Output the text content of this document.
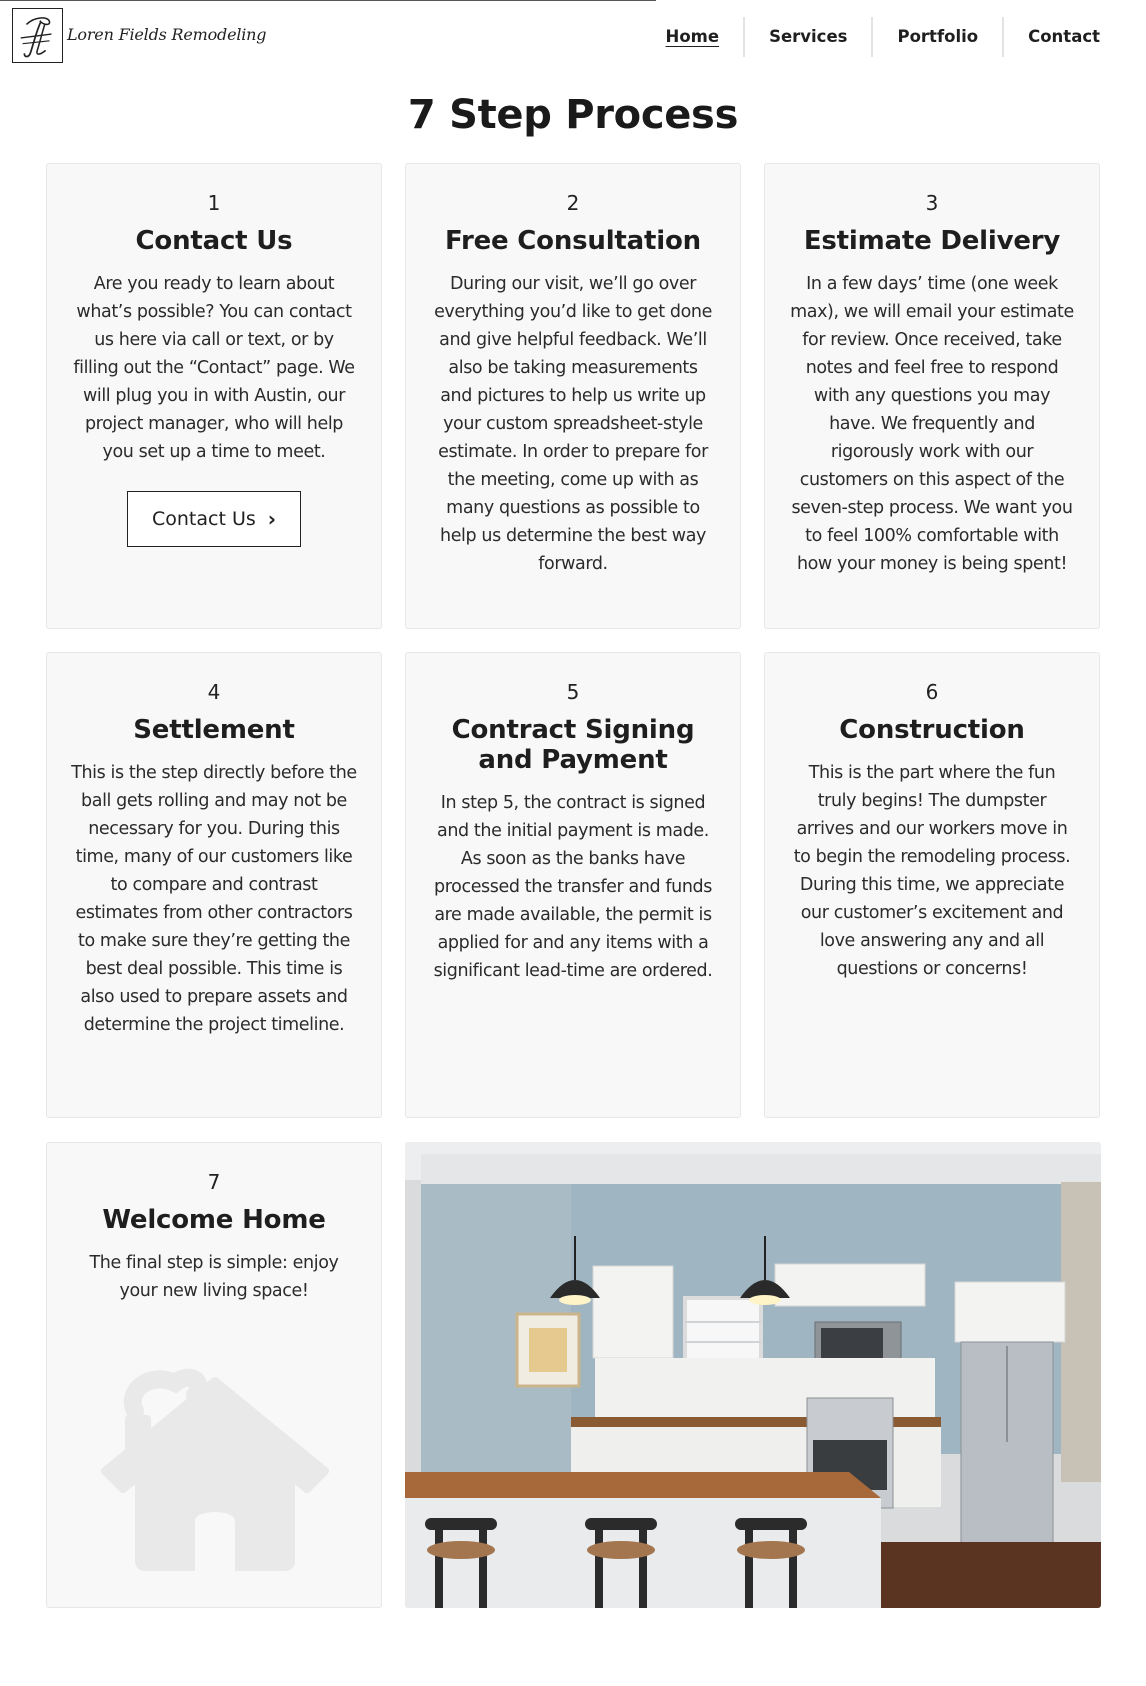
Loren Fields Remodeling	Home	Services	Portfolio	Contact
7 Step Process
1
Contact Us

Are you ready to learn about what’s possible? You can contact us here via call or text, or by filling out the “Contact” page. We will plug you in with Austin, our project manager, who will help you set up a time to meet.

Contact Us ›
2
Free Consultation

During our visit, we’ll go over everything you’d like to get done and give helpful feedback. We’ll also be taking measurements and pictures to help us write up your custom spreadsheet-style estimate. In order to prepare for the meeting, come up with as many questions as possible to help us determine the best way forward.

3
Estimate Delivery

In a few days’ time (one week max), we will email your estimate for review. Once received, take notes and feel free to respond with any questions you may have. We frequently and rigorously work with our customers on this aspect of the seven-step process. We want you to feel 100% comfortable with how your money is being spent!

4
Settlement

This is the step directly before the ball gets rolling and may not be necessary for you. During this time, many of our customers like to compare and contrast estimates from other contractors to make sure they’re getting the best deal possible. This time is also used to prepare assets and determine the project timeline.

5
Contract Signing and Payment

In step 5, the contract is signed and the initial payment is made. As soon as the banks have processed the transfer and funds are made available, the permit is applied for and any items with a significant lead-time are ordered.

6
Construction

This is the part where the fun truly begins! The dumpster arrives and our workers move in to begin the remodeling process. During this time, we appreciate our customer’s excitement and love answering any and all questions or concerns!

7
Welcome Home

The final step is simple: enjoy your new living space!
